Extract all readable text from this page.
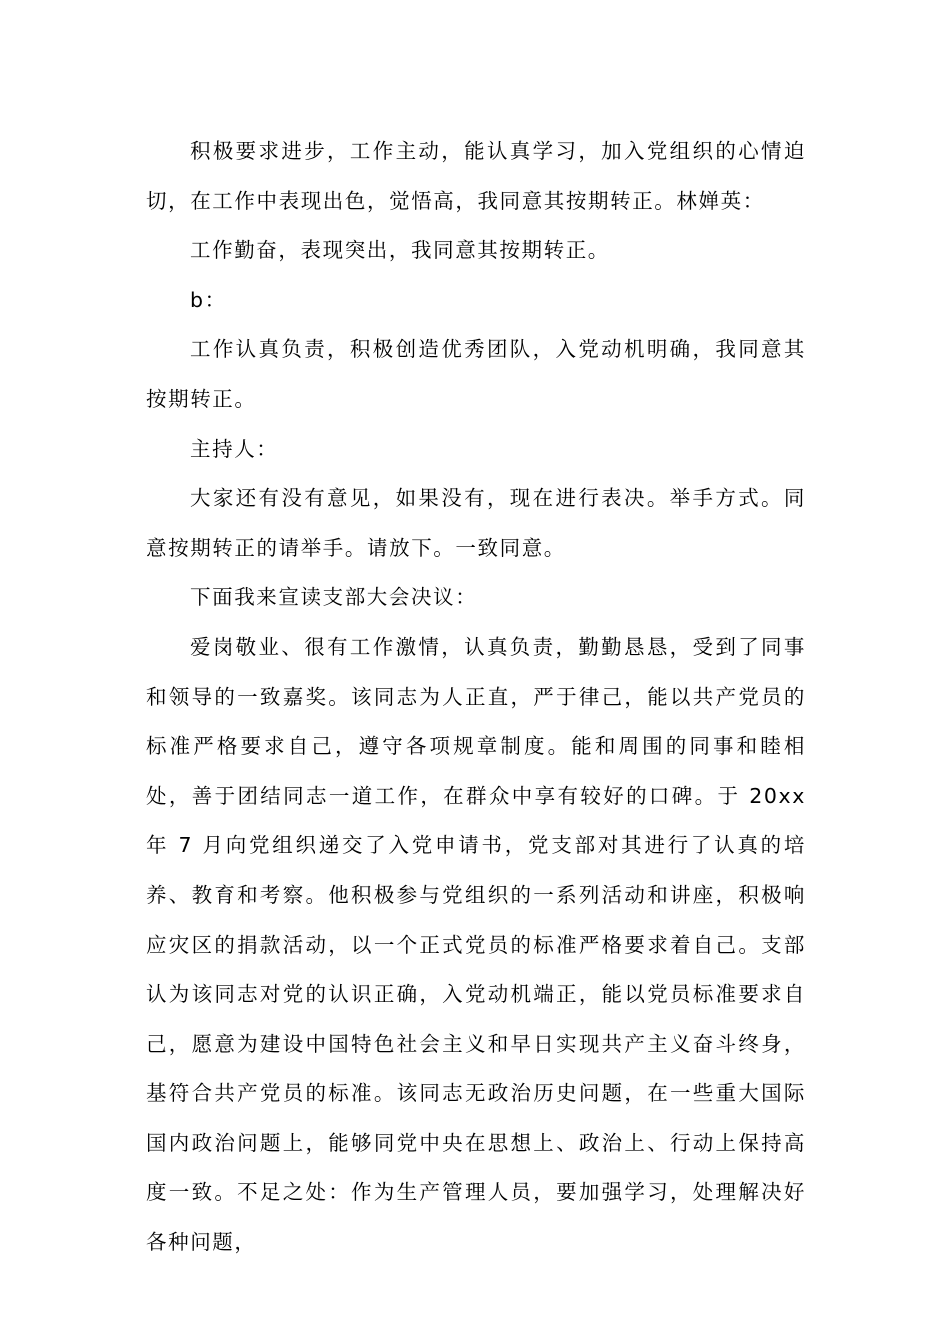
积极要求进步，工作主动，能认真学习，加入党组织的心情迫切，在工作中表现出色，觉悟高，我同意其按期转正。林婵英：

工作勤奋，表现突出，我同意其按期转正。

b：

工作认真负责，积极创造优秀团队，入党动机明确，我同意其按期转正。

主持人：

大家还有没有意见，如果没有，现在进行表决。举手方式。同意按期转正的请举手。请放下。一致同意。

下面我来宣读支部大会决议：

爱岗敬业、很有工作激情，认真负责，勤勤恳恳，受到了同事和领导的一致嘉奖。该同志为人正直，严于律己，能以共产党员的标准严格要求自己，遵守各项规章制度。能和周围的同事和睦相处，善于团结同志一道工作，在群众中享有较好的口碑。于 20xx 年 7 月向党组织递交了入党申请书，党支部对其进行了认真的培养、教育和考察。他积极参与党组织的一系列活动和讲座，积极响应灾区的捐款活动，以一个正式党员的标准严格要求着自己。支部认为该同志对党的认识正确，入党动机端正，能以党员标准要求自己，愿意为建设中国特色社会主义和早日实现共产主义奋斗终身，基符合共产党员的标准。该同志无政治历史问题，在一些重大国际国内政治问题上，能够同党中央在思想上、政治上、行动上保持高度一致。不足之处：作为生产管理人员，要加强学习，处理解决好各种问题，
